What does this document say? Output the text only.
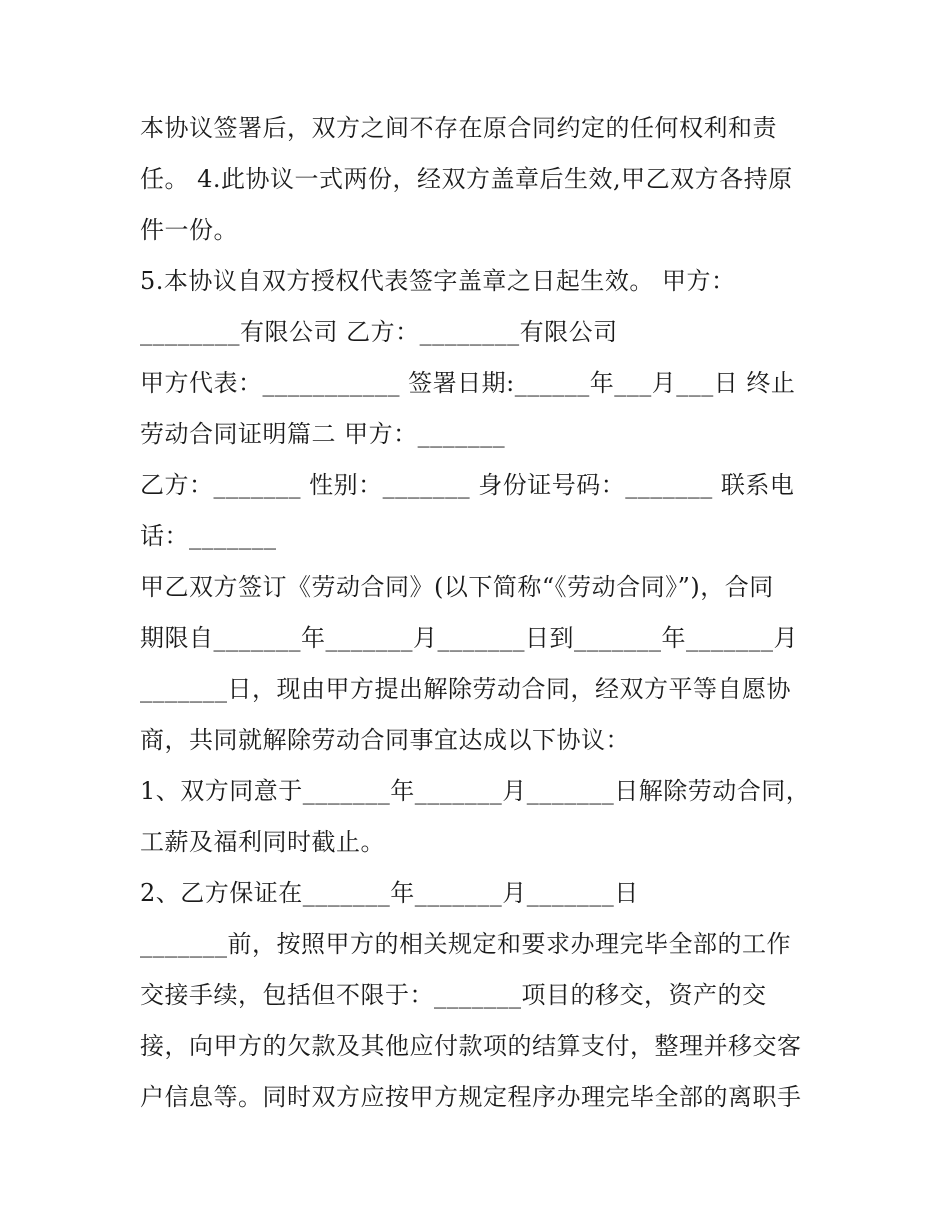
本协议签署后，双方之间不存在原合同约定的任何权利和责
任。 4.此协议一式两份，经双方盖章后生效,甲乙双方各持原
件一份。
5.本协议自双方授权代表签字盖章之日起生效。 甲方：
________有限公司 乙方：________有限公司
甲方代表：___________ 签署日期:______年___月___日 终止
劳动合同证明篇二 甲方：_______
乙方：_______ 性别：_______ 身份证号码：_______ 联系电
话：_______
甲乙双方签订《劳动合同》(以下简称“《劳动合同》”)，合同
期限自_______年_______月_______日到_______年_______月
_______日，现由甲方提出解除劳动合同，经双方平等自愿协
商，共同就解除劳动合同事宜达成以下协议：
1、双方同意于_______年_______月_______日解除劳动合同，
工薪及福利同时截止。
2、乙方保证在_______年_______月_______日
_______前，按照甲方的相关规定和要求办理完毕全部的工作
交接手续，包括但不限于：_______项目的移交，资产的交
接，向甲方的欠款及其他应付款项的结算支付，整理并移交客
户信息等。同时双方应按甲方规定程序办理完毕全部的离职手
